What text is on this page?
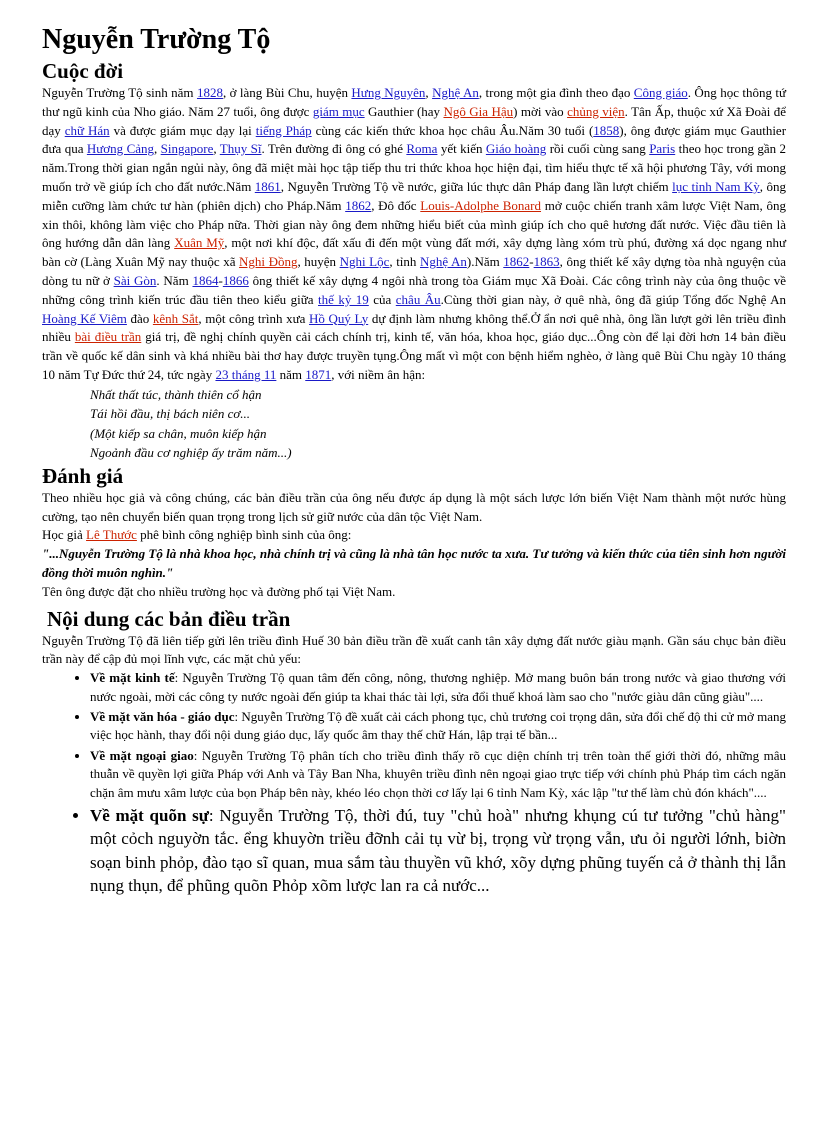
Nguyễn Trường Tộ
Cuộc đời

Nguyễn Trường Tộ sinh năm 1828, ở làng Bùi Chu, huyện Hưng Nguyên, Nghệ An, trong một gia đình theo đạo Công giáo. Ông học thông tứ thư ngũ kinh của Nho giáo. Năm 27 tuổi, ông được giám mục Gauthier (hay Ngô Gia Hậu) mời vào chủng viện. Tân Ấp, thuộc xứ Xã Đoài để dạy chữ Hán và được giám mục dạy lại tiếng Pháp cùng các kiến thức khoa học châu Âu.Năm 30 tuổi (1858), ông được giám mục Gauthier đưa qua Hương Cảng, Singapore, Thụy Sĩ. Trên đường đi ông có ghé Roma yết kiến Giáo hoàng rồi cuối cùng sang Paris theo học trong gần 2 năm.Trong thời gian ngắn ngủi này, ông đã miệt mài học tập tiếp thu tri thức khoa học hiện đại, tìm hiểu thực tế xã hội phương Tây, với mong muốn trở về giúp ích cho đất nước.Năm 1861, Nguyễn Trường Tộ về nước, giữa lúc thực dân Pháp đang lần lượt chiếm lục tỉnh Nam Kỳ, ông miễn cưỡng làm chức tư hàn (phiên dịch) cho Pháp.Năm 1862, Đô đốc Louis-Adolphe Bonard mở cuộc chiến tranh xâm lược Việt Nam, ông xin thôi, không làm việc cho Pháp nữa. Thời gian này ông đem những hiểu biết của mình giúp ích cho quê hương đất nước. Việc đầu tiên là ông hướng dẫn dân làng Xuân Mỹ, một nơi khí độc, đất xấu đi đến một vùng đất mới, xây dựng làng xóm trù phú, đường xá dọc ngang như bàn cờ (Làng Xuân Mỹ nay thuộc xã Nghi Đồng, huyện Nghi Lộc, tỉnh Nghệ An).Năm 1862-1863, ông thiết kế xây dựng tòa nhà nguyện của dòng tu nữ ở Sài Gòn. Năm 1864-1866 ông thiết kế xây dựng 4 ngôi nhà trong tòa Giám mục Xã Đoài. Các công trình này của ông thuộc về những công trình kiến trúc đầu tiên theo kiểu giữa thế kỷ 19 của châu Âu.Cùng thời gian này, ở quê nhà, ông đã giúp Tổng đốc Nghệ An Hoàng Kế Viêm đào kênh Sắt, một công trình xưa Hồ Quý Ly dự định làm nhưng không thể.Ở ẩn nơi quê nhà, ông lần lượt gởi lên triều đình nhiều bài điều trần giá trị, đề nghị chính quyền cải cách chính trị, kinh tế, văn hóa, khoa học, giáo dục...Ông còn để lại đời hơn 14 bản điều trần về quốc kế dân sinh và khá nhiều bài thơ hay được truyền tụng.Ông mất vì một con bệnh hiểm nghèo, ở làng quê Bùi Chu ngày 10 tháng 10 năm Tự Đức thứ 24, tức ngày 23 tháng 11 năm 1871, với niềm ân hận:

Nhất thất túc, thành thiên cổ hận
Tái hồi đầu, thị bách niên cơ...
(Một kiếp sa chân, muôn kiếp hận
Ngoảnh đầu cơ nghiệp ấy trăm năm...)
Đánh giá

Theo nhiều học giả và công chúng, các bản điều trần của ông nếu được áp dụng là một sách lược lớn biến Việt Nam thành một nước hùng cường, tạo nên chuyển biến quan trọng trong lịch sử giữ nước của dân tộc Việt Nam.

Học giả Lê Thước phê bình công nghiệp bình sinh của ông:

"...Nguyễn Trường Tộ là nhà khoa học, nhà chính trị và cũng là nhà tân học nước ta xưa. Tư tưởng và kiến thức của tiên sinh hơn người đồng thời muôn nghìn."

Tên ông được đặt cho nhiều trường học và đường phố tại Việt Nam.

Nội dung các bản điều trần

Nguyễn Trường Tộ đã liên tiếp gửi lên triều đình Huế 30 bản điều trần đề xuất canh tân xây dựng đất nước giàu mạnh. Gần sáu chục bản điều trần này để cập đủ mọi lĩnh vực, các mặt chủ yếu:

• Về mặt kinh tế: Nguyễn Trường Tộ quan tâm đến công, nông, thương nghiệp. Mở mang buôn bán trong nước và giao thương với nước ngoài, mời các công ty nước ngoài đến giúp ta khai thác tài lợi, sửa đổi thuế khoá làm sao cho "nước giàu dân cũng giàu"....
• Về mặt văn hóa - giáo dục: Nguyễn Trường Tộ đề xuất cải cách phong tục, chủ trương coi trọng dân, sửa đổi chế độ thi cử mở mang việc học hành, thay đổi nội dung giáo dục, lấy quốc âm thay thế chữ Hán, lập trại tế bần...
• Về mặt ngoại giao: Nguyễn Trường Tộ phân tích cho triều đình thấy rõ cục diện chính trị trên toàn thế giới thời đó, những mâu thuẫn về quyền lợi giữa Pháp với Anh và Tây Ban Nha, khuyên triều đình nên ngoại giao trực tiếp với chính phủ Pháp tìm cách ngăn chặn âm mưu xâm lược của bọn Pháp bên này, khéo léo chọn thời cơ lấy lại 6 tỉnh Nam Kỳ, xác lập "tư thế làm chủ đón khách"....
• Về mặt quõn sự: Nguyễn Trường Tộ, thời đú, tuy "chủ hoà" nhưng khụng cú tư tưởng "chủ hàng" một cỏch nguyờn tắc. ểng khuyờn triều đỡnh cải tụ vừ bị, trọng vừ trọng vẫn, ưu ỏi người lớnh, biờn soạn binh phỏp, đào tạo sĩ quan, mua sắm tàu thuyền vũ khớ, xõy dựng phũng tuyến cả ở thành thị lẫn nụng thụn, để phũng quõn Phỏp xõm lược lan ra cả nước...
